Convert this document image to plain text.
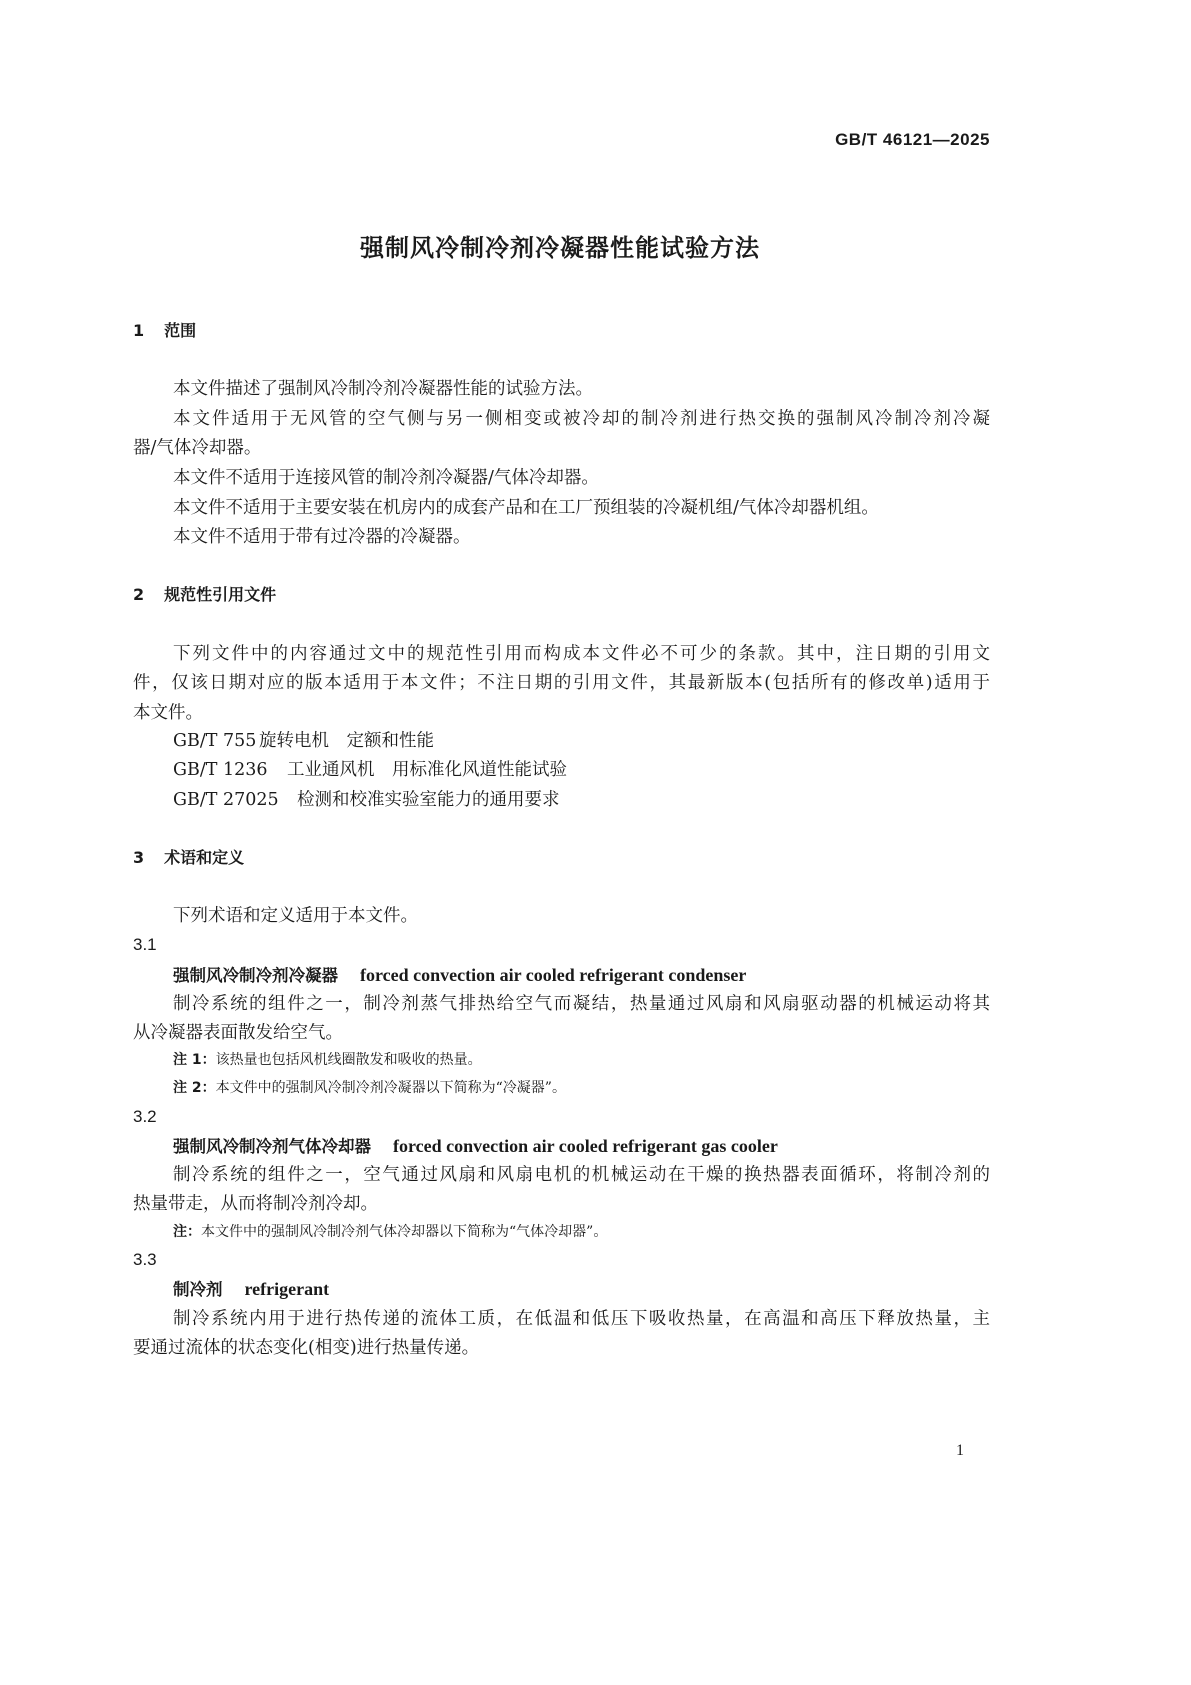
GB/T 46121—2025
强制风冷制冷剂冷凝器性能试验方法
1 范围
本文件描述了强制风冷制冷剂冷凝器性能的试验方法。
本文件适用于无风管的空气侧与另一侧相变或被冷却的制冷剂进行热交换的强制风冷制冷剂冷凝
器/气体冷却器。
本文件不适用于连接风管的制冷剂冷凝器/气体冷却器。
本文件不适用于主要安装在机房内的成套产品和在工厂预组装的冷凝机组/气体冷却器机组。
本文件不适用于带有过冷器的冷凝器。
2 规范性引用文件
下列文件中的内容通过文中的规范性引用而构成本文件必不可少的条款。其中，注日期的引用文
件，仅该日期对应的版本适用于本文件；不注日期的引用文件，其最新版本(包括所有的修改单)适用于
本文件。
GB/T 755 旋转电机　定额和性能
GB/T 1236 工业通风机　用标准化风道性能试验
GB/T 27025 检测和校准实验室能力的通用要求
3 术语和定义
下列术语和定义适用于本文件。
3.1
强制风冷制冷剂冷凝器 forced convection air cooled refrigerant condenser
制冷系统的组件之一，制冷剂蒸气排热给空气而凝结，热量通过风扇和风扇驱动器的机械运动将其
从冷凝器表面散发给空气。
注 1：该热量也包括风机线圈散发和吸收的热量。
注 2：本文件中的强制风冷制冷剂冷凝器以下简称为“冷凝器”。
3.2
强制风冷制冷剂气体冷却器 forced convection air cooled refrigerant gas cooler
制冷系统的组件之一，空气通过风扇和风扇电机的机械运动在干燥的换热器表面循环，将制冷剂的
热量带走，从而将制冷剂冷却。
注：本文件中的强制风冷制冷剂气体冷却器以下简称为“气体冷却器”。
3.3
制冷剂 refrigerant
制冷系统内用于进行热传递的流体工质，在低温和低压下吸收热量，在高温和高压下释放热量，主
要通过流体的状态变化(相变)进行热量传递。
1
